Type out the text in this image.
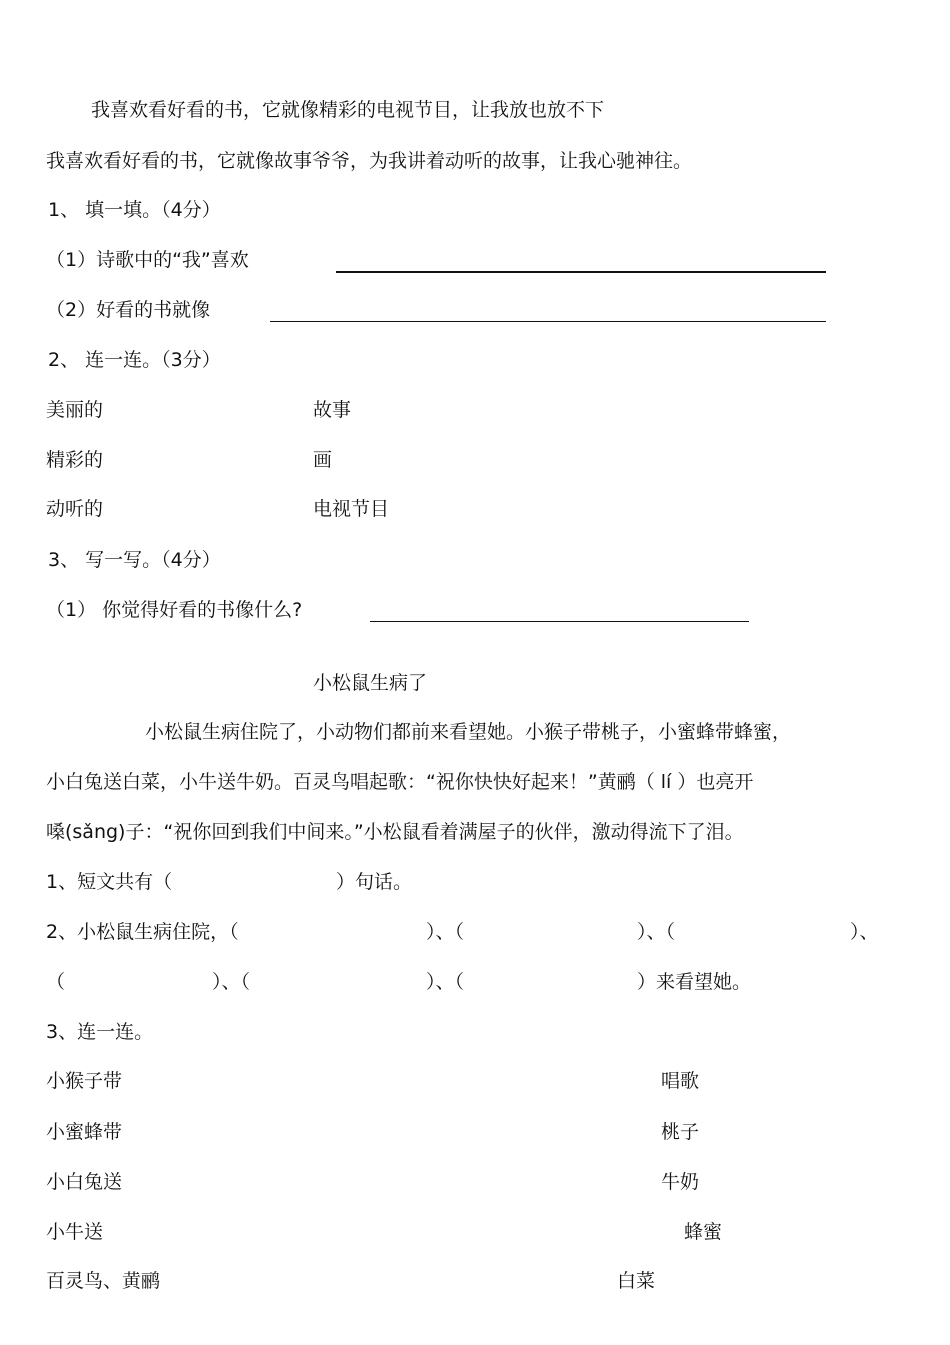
我喜欢看好看的书，它就像精彩的电视节目，让我放也放不下
我喜欢看好看的书，它就像故事爷爷，为我讲着动听的故事，让我心驰神往。
1、 填一填。（4分）
（1）诗歌中的“我”喜欢
（2）好看的书就像
2、 连一连。（3分）
美丽的	故事
精彩的	画
动听的	电视节目
3、 写一写。（4分）
（1） 你觉得好看的书像什么?
小松鼠生病了
小松鼠生病住院了，小动物们都前来看望她。小猴子带桃子，小蜜蜂带蜂蜜，
小白兔送白菜，小牛送牛奶。百灵鸟唱起歌：“祝你快快好起来！”黄鹂（ lí ）也亮开
嗓(sǎng)子：“祝你回到我们中间来。”小松鼠看着满屋子的伙伴，激动得流下了泪。
1、短文共有（	）句话。
2、小松鼠生病住院，（	）、（	）、（	）、
（	）、（	）、（	）来看望她。
3、连一连。
小猴子带	唱歌
小蜜蜂带	桃子
小白兔送	牛奶
小牛送	蜂蜜
百灵鸟、黄鹂	白菜
